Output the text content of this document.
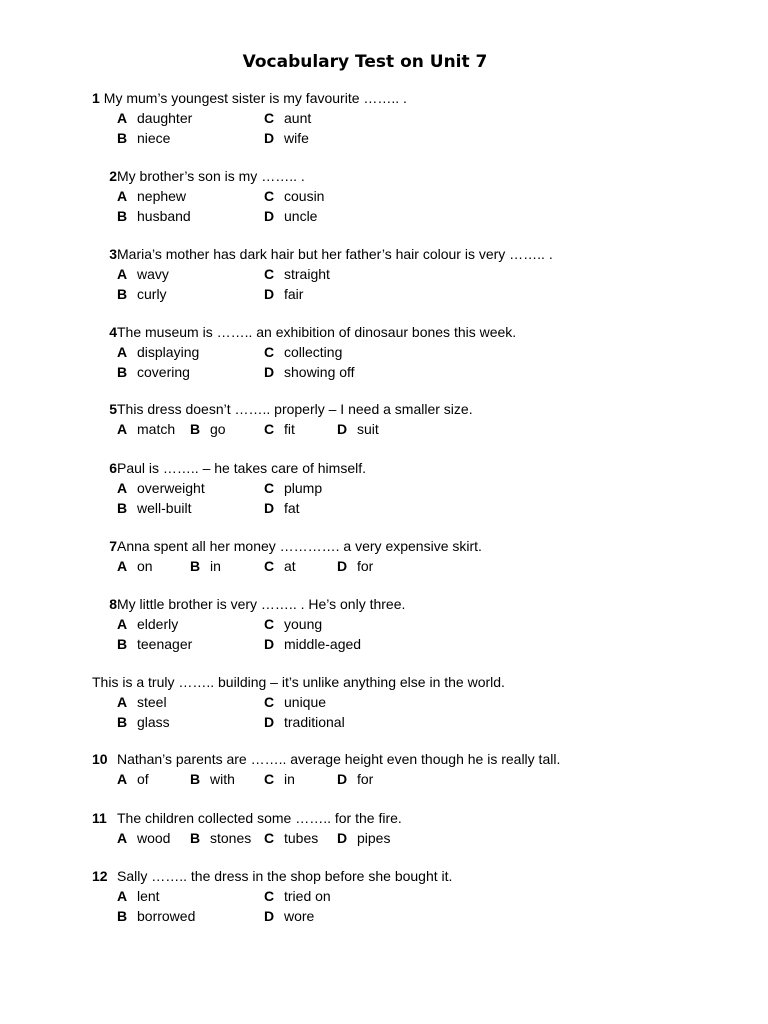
Vocabulary Test on Unit 7
1 My mum’s youngest sister is my favourite …….. .
A daughter	C aunt
B niece	D wife
2My brother’s son is my …….. .
A nephew	C cousin
B husband	D uncle
3Maria’s mother has dark hair but her father’s hair colour is very …….. .
A wavy	C straight
B curly	D fair
4The museum is …….. an exhibition of dinosaur bones this week.
A displaying	C collecting
B covering	D showing off
5This dress doesn’t …….. properly – I need a smaller size.
A match B go	C fit	D suit
6Paul is …….. – he takes care of himself.
A overweight	C plump
B well-built	D fat
7Anna spent all her money …………. a very expensive skirt.
A on	B in	C at	D for
8My little brother is very …….. . He’s only three.
A elderly	C young
B teenager	D middle-aged
This is a truly …….. building – it’s unlike anything else in the world.
A steel	C unique
B glass	D traditional
10 Nathan’s parents are …….. average height even though he is really tall.
A of	B with C in	D for
11 The children collected some …….. for the fire.
A wood B stones C tubes D pipes
12 Sally …….. the dress in the shop before she bought it.
A lent	C tried on
B borrowed	D wore
